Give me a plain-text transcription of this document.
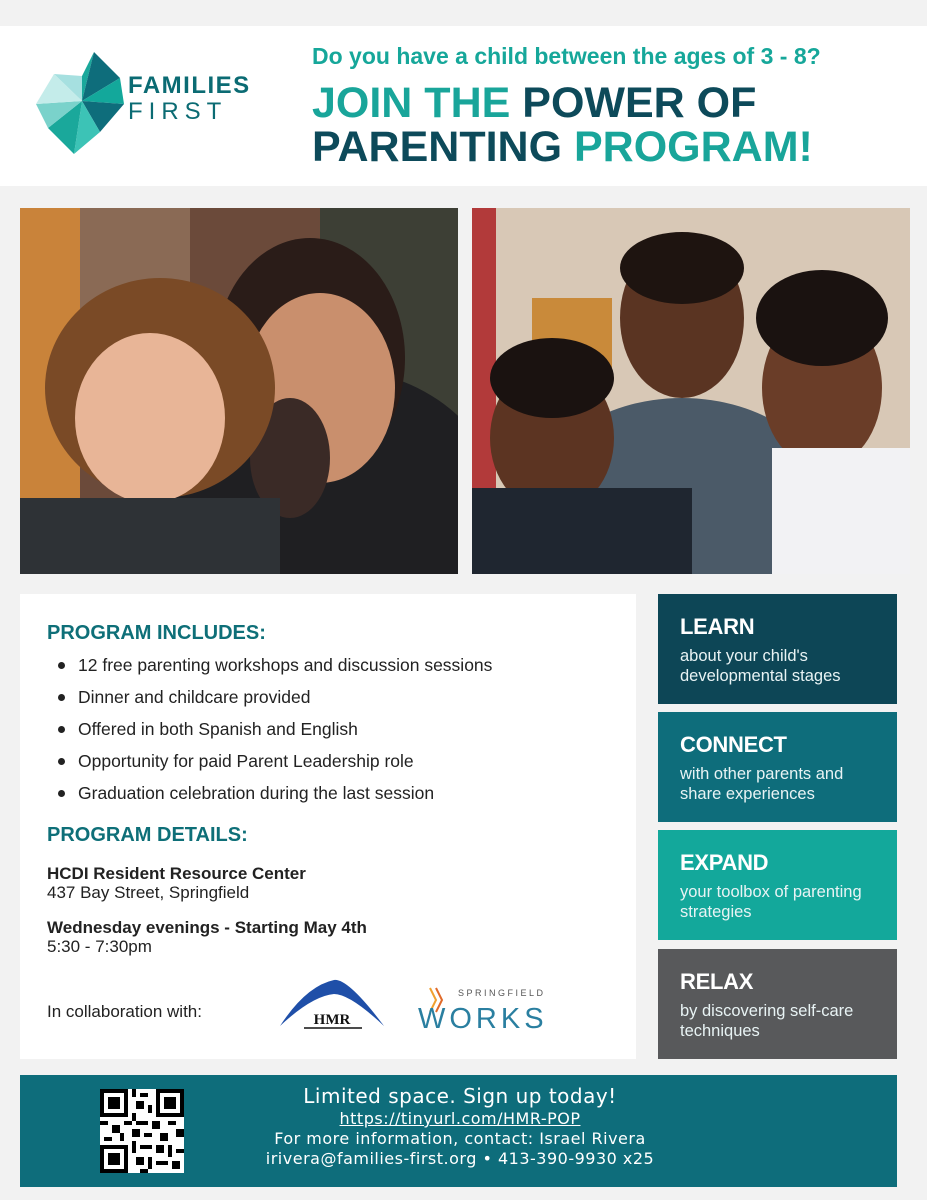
FAMILIES
FIRST
Do you have a child between the ages of 3 - 8?
JOIN THE POWER OF
PARENTING PROGRAM!
PROGRAM INCLUDES:
12 free parenting workshops and discussion sessions
Dinner and childcare provided
Offered in both Spanish and English
Opportunity for paid Parent Leadership role
Graduation celebration during the last session
PROGRAM DETAILS:
HCDI Resident Resource Center
437 Bay Street, Springfield
Wednesday evenings - Starting May 4th
5:30 - 7:30pm
In collaboration with:	HMR
SPRINGFIELD
WORKS
LEARN
about your child's developmental stages
CONNECT
with other parents and share experiences
EXPAND
your toolbox of parenting strategies
RELAX
by discovering self-care techniques
Limited space. Sign up today!
https://tinyurl.com/HMR-POP
For more information, contact: Israel Rivera
irivera@families-first.org • 413-390-9930 x25
